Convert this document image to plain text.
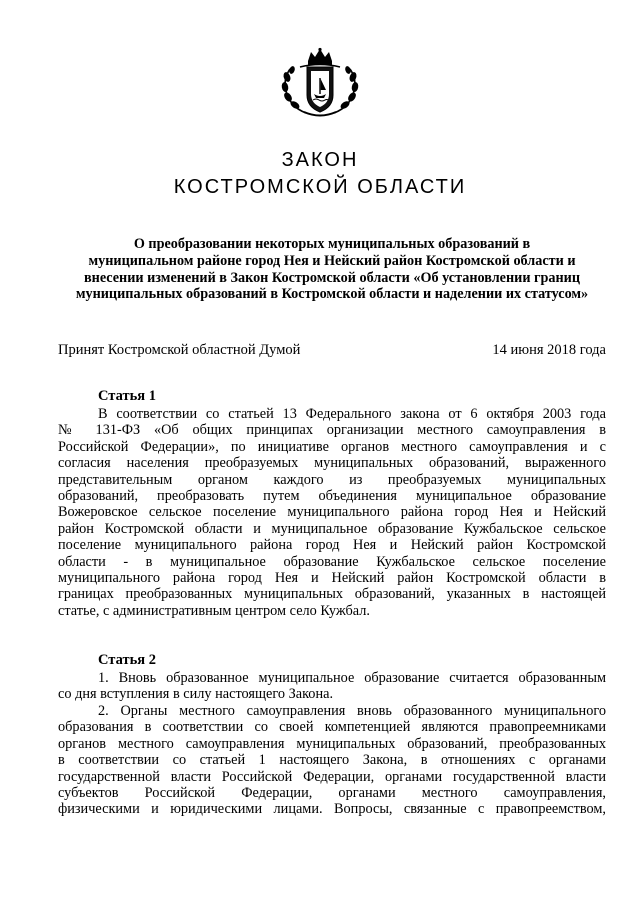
ЗАКОН
КОСТРОМСКОЙ ОБЛАСТИ
О преобразовании некоторых муниципальных образований в
муниципальном районе город Нея и Нейский район Костромской области и
внесении изменений в Закон Костромской области «Об установлении границ
муниципальных образований в Костромской области и наделении их статусом»
Принят Костромской областной Думой	14 июня 2018 года
Статья 1
В соответствии со статьей 13 Федерального закона от 6 октября 2003 года
№ 131-ФЗ «Об общих принципах организации местного самоуправления в
Российской Федерации», по инициативе органов местного самоуправления и с
согласия населения преобразуемых муниципальных образований, выраженного
представительным органом каждого из преобразуемых муниципальных
образований, преобразовать путем объединения муниципальное образование
Вожеровское сельское поселение муниципального района город Нея и Нейский
район Костромской области и муниципальное образование Кужбальское сельское
поселение муниципального района город Нея и Нейский район Костромской
области - в муниципальное образование Кужбальское сельское поселение
муниципального района город Нея и Нейский район Костромской области в
границах преобразованных муниципальных образований, указанных в настоящей
статье, с административным центром село Кужбал.
Статья 2
1. Вновь образованное муниципальное образование считается образованным
со дня вступления в силу настоящего Закона.
2. Органы местного самоуправления вновь образованного муниципального
образования в соответствии со своей компетенцией являются правопреемниками
органов местного самоуправления муниципальных образований, преобразованных
в соответствии со статьей 1 настоящего Закона, в отношениях с органами
государственной власти Российской Федерации, органами государственной власти
субъектов Российской Федерации, органами местного самоуправления,
физическими и юридическими лицами. Вопросы, связанные с правопреемством,
